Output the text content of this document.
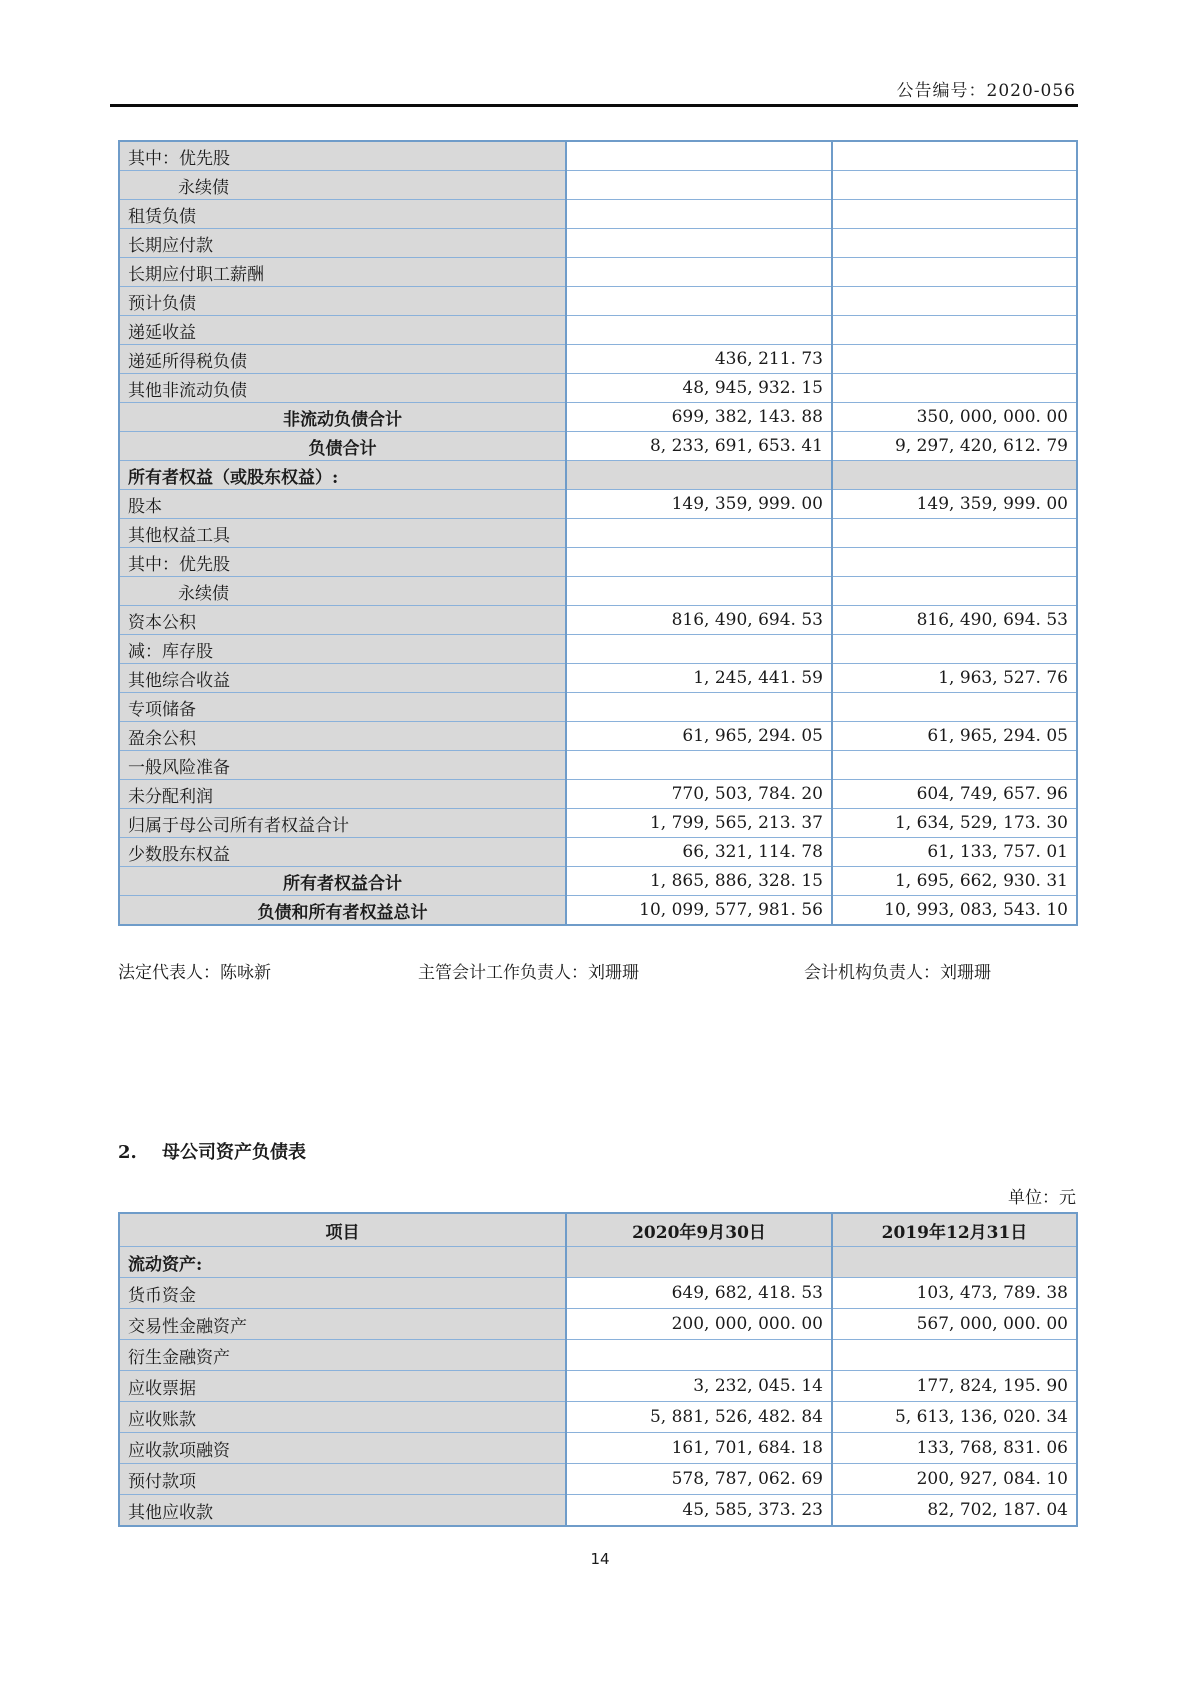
公告编号：2020-056
其中：优先股		
永续债		
租赁负债		
长期应付款		
长期应付职工薪酬		
预计负债		
递延收益		
递延所得税负债	436, 211. 73	
其他非流动负债	48, 945, 932. 15	
非流动负债合计	699, 382, 143. 88	350, 000, 000. 00
负债合计	8, 233, 691, 653. 41	9, 297, 420, 612. 79
所有者权益（或股东权益）:		
股本	149, 359, 999. 00	149, 359, 999. 00
其他权益工具		
其中：优先股		
永续债		
资本公积	816, 490, 694. 53	816, 490, 694. 53
减：库存股		
其他综合收益	1, 245, 441. 59	1, 963, 527. 76
专项储备		
盈余公积	61, 965, 294. 05	61, 965, 294. 05
一般风险准备		
未分配利润	770, 503, 784. 20	604, 749, 657. 96
归属于母公司所有者权益合计	1, 799, 565, 213. 37	1, 634, 529, 173. 30
少数股东权益	66, 321, 114. 78	61, 133, 757. 01
所有者权益合计	1, 865, 886, 328. 15	1, 695, 662, 930. 31
负债和所有者权益总计	10, 099, 577, 981. 56	10, 993, 083, 543. 10
法定代表人：陈咏新	主管会计工作负责人：刘珊珊	会计机构负责人：刘珊珊
2. 母公司资产负债表
单位：元
项目	2020年9月30日	2019年12月31日
流动资产:		
货币资金	649, 682, 418. 53	103, 473, 789. 38
交易性金融资产	200, 000, 000. 00	567, 000, 000. 00
衍生金融资产		
应收票据	3, 232, 045. 14	177, 824, 195. 90
应收账款	5, 881, 526, 482. 84	5, 613, 136, 020. 34
应收款项融资	161, 701, 684. 18	133, 768, 831. 06
预付款项	578, 787, 062. 69	200, 927, 084. 10
其他应收款	45, 585, 373. 23	82, 702, 187. 04
14
